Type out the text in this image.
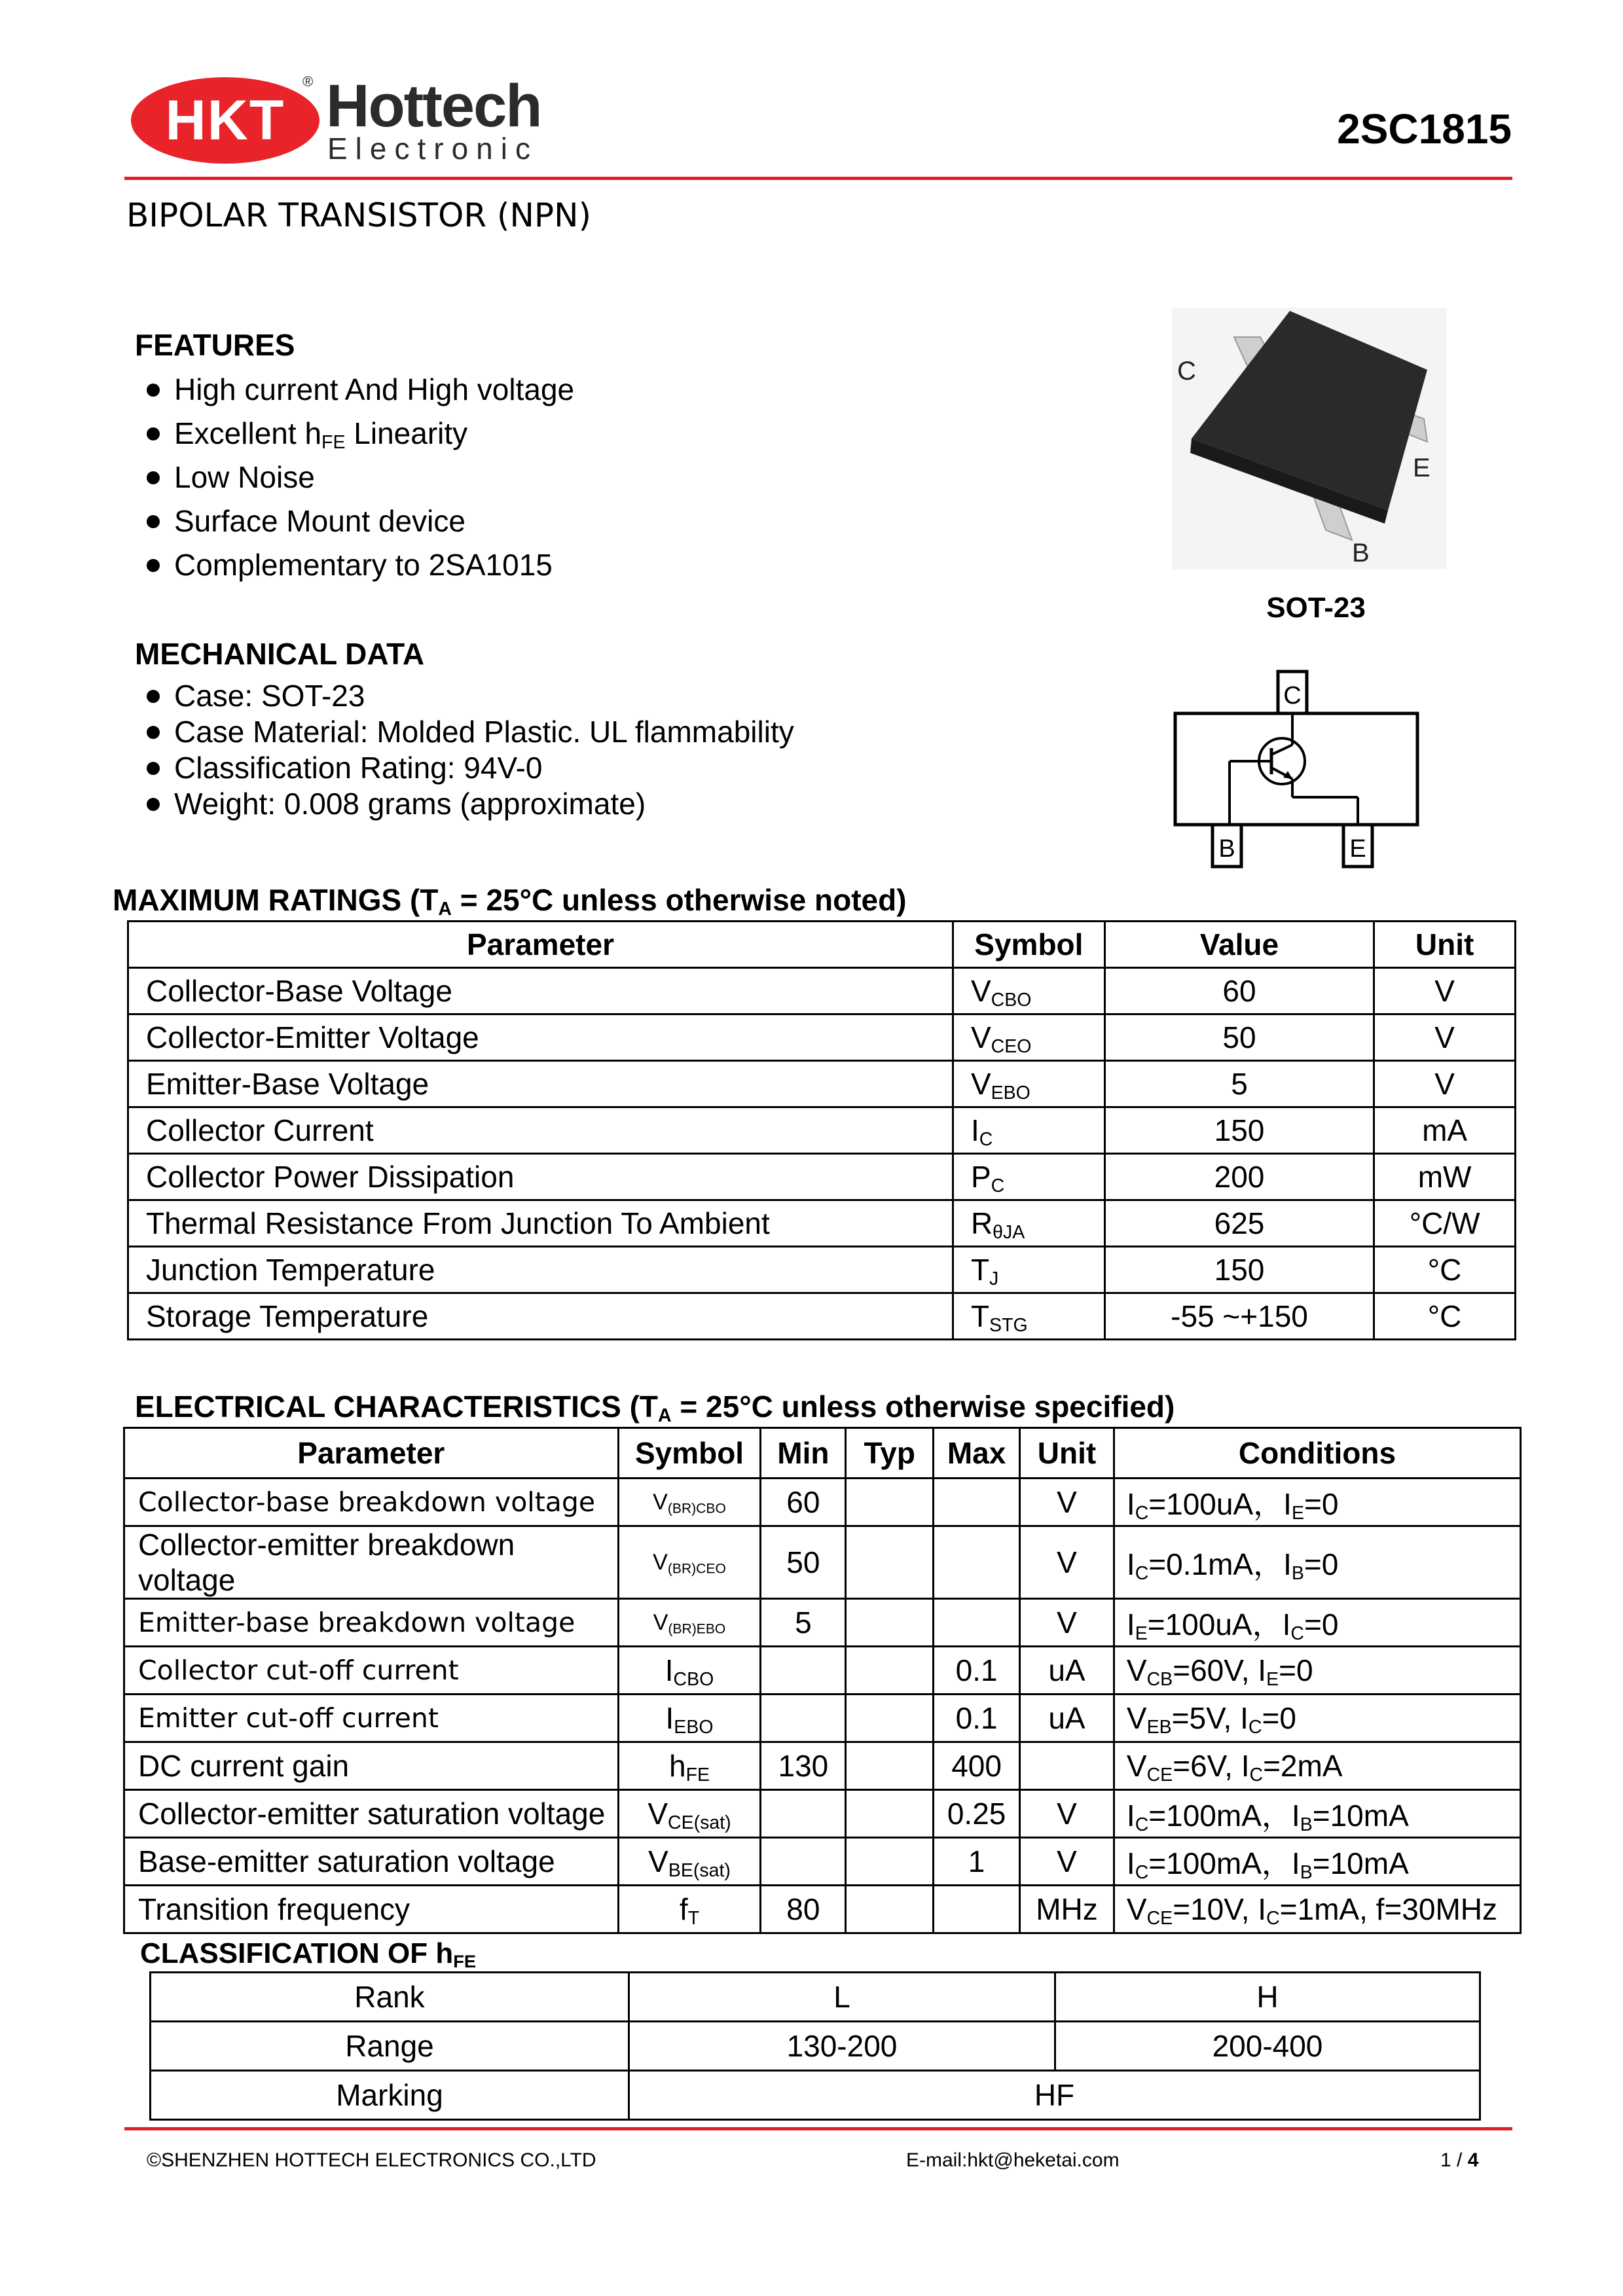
HKT
® Hottech
Electronic	2SC1815
BIPOLAR TRANSISTOR (NPN)
FEATURES
High current And High voltage
Excellent $h_{FE}$ Linearity
Low Noise
Surface Mount device
Complementary to 2SA1015
C
E
B
SOT-23
C
B	E
MECHANICAL DATA
Case: SOT-23
Case Material: Molded Plastic. UL flammability
Classification Rating: 94V-0
Weight: 0.008 grams (approximate)
MAXIMUM RATINGS ($T_A = 25^\circ C$ unless otherwise noted)
Parameter	Symbol	Value	Unit
Collector-Base Voltage	$V_{CBO}$	60	V
Collector-Emitter Voltage	$V_{CEO}$	50	V
Emitter-Base Voltage	$V_{EBO}$	5	V
Collector Current	$I_C$	150	mA
Collector Power Dissipation	$P_C$	200	mW
Thermal Resistance From Junction To Ambient	$R_{\theta JA}$	625	°C/W
Junction Temperature	$T_J$	150	°C
Storage Temperature	$T_{STG}$	-55 ~+150	°C
ELECTRICAL CHARACTERISTICS ($T_A = 25^\circ C$ unless otherwise specified)
Parameter	Symbol	Min	Typ	Max	Unit	Conditions
Collector-base breakdown voltage	$V_{(BR)CBO}$	60			V	$I_C=100uA$，$I_E=0$
Collector-emitter breakdown voltage	$V_{(BR)CEO}$	50			V	$I_C=0.1mA$，$I_B=0$
Emitter-base breakdown voltage	$V_{(BR)EBO}$	5			V	$I_E=100uA$，$I_C=0$
Collector cut-off current	$I_{CBO}$			0.1	uA	$V_{CB}=60V$, $I_E=0$
Emitter cut-off current	$I_{EBO}$			0.1	uA	$V_{EB}=5V$, $I_C=0$
DC current gain	$h_{FE}$	130		400		$V_{CE}=6V$, $I_C=2mA$
Collector-emitter saturation voltage	$V_{CE(sat)}$			0.25	V	$I_C=100mA$，$I_B=10mA$
Base-emitter saturation voltage	$V_{BE(sat)}$			1	V	$I_C=100mA$，$I_B=10mA$
Transition frequency	$f_T$	80			MHz	$V_{CE}=10V$, $I_C=1mA$, f=30MHz
CLASSIFICATION OF $h_{FE}$
Rank	L	H
Range	130-200	200-400
Marking	HF	
©SHENZHEN HOTTECH ELECTRONICS CO.,LTD	E-mail:hkt@heketai.com	1 / 4
